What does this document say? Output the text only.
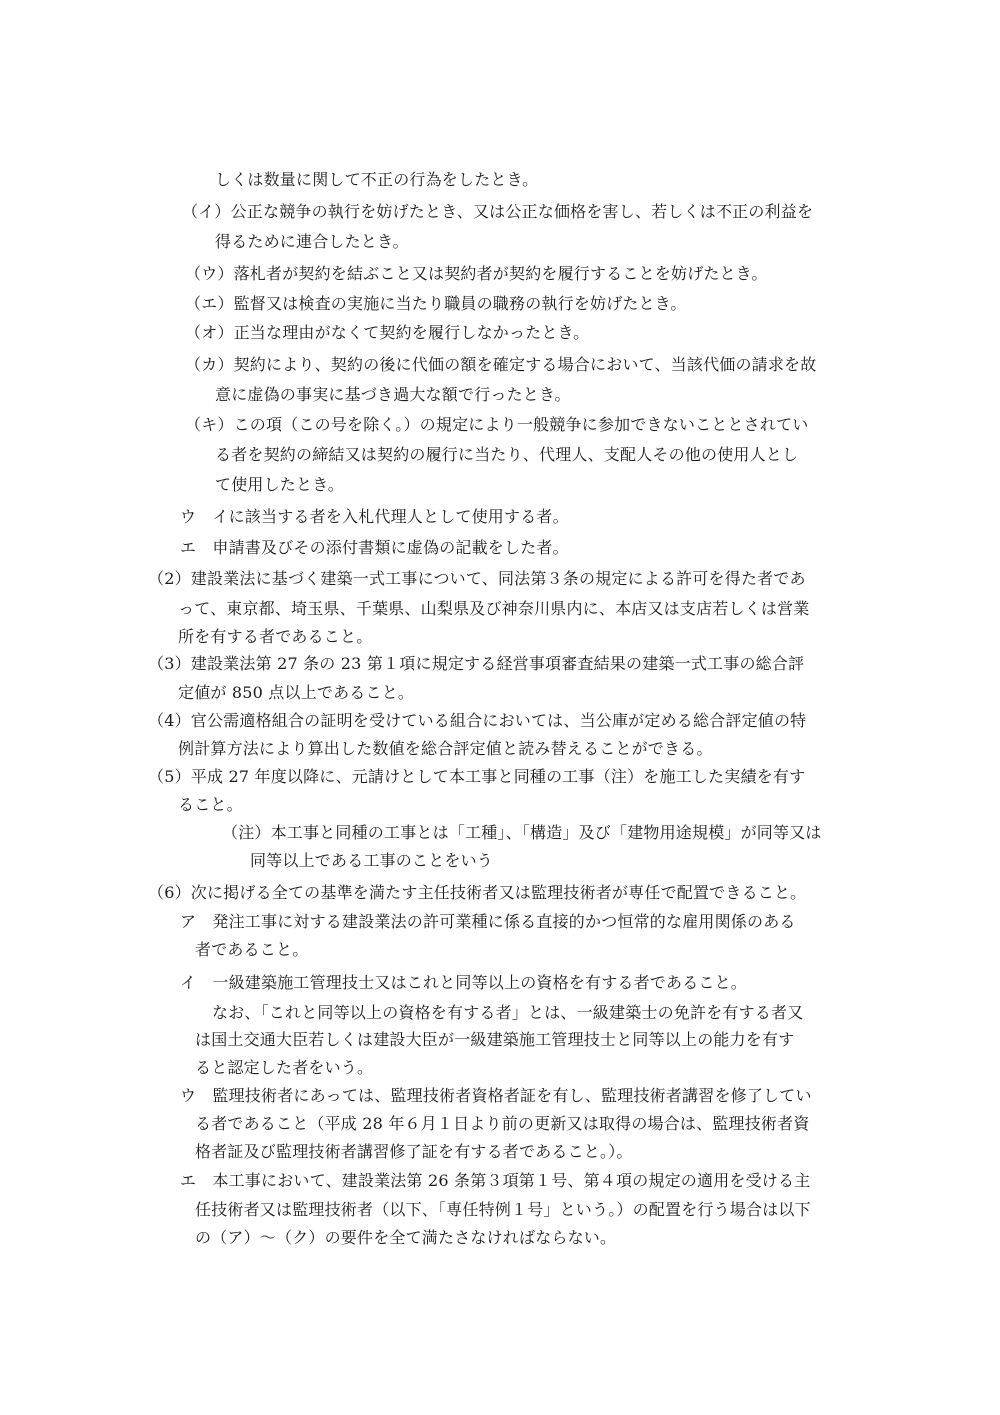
しくは数量に関して不正の行為をしたとき。
（イ）公正な競争の執行を妨げたとき、又は公正な価格を害し、若しくは不正の利益を
得るために連合したとき。
（ウ）落札者が契約を結ぶこと又は契約者が契約を履行することを妨げたとき。
（エ）監督又は検査の実施に当たり職員の職務の執行を妨げたとき。
（オ）正当な理由がなくて契約を履行しなかったとき。
（カ）契約により、契約の後に代価の額を確定する場合において、当該代価の請求を故
意に虚偽の事実に基づき過大な額で行ったとき。
（キ）この項（この号を除く。）の規定により一般競争に参加できないこととされてい
る者を契約の締結又は契約の履行に当たり、代理人、支配人その他の使用人とし
て使用したとき。
ウ　イに該当する者を入札代理人として使用する者。
エ　申請書及びその添付書類に虚偽の記載をした者。
（2）建設業法に基づく建築一式工事について、同法第３条の規定による許可を得た者であ
って、東京都、埼玉県、千葉県、山梨県及び神奈川県内に、本店又は支店若しくは営業
所を有する者であること。
（3）建設業法第 27 条の 23 第１項に規定する経営事項審査結果の建築一式工事の総合評
定値が 850 点以上であること。
（4）官公需適格組合の証明を受けている組合においては、当公庫が定める総合評定値の特
例計算方法により算出した数値を総合評定値と読み替えることができる。
（5）平成 27 年度以降に、元請けとして本工事と同種の工事（注）を施工した実績を有す
ること。
（注）本工事と同種の工事とは「工種」、「構造」及び「建物用途規模」が同等又は
同等以上である工事のことをいう
（6）次に掲げる全ての基準を満たす主任技術者又は監理技術者が専任で配置できること。
ア　発注工事に対する建設業法の許可業種に係る直接的かつ恒常的な雇用関係のある
者であること。
イ　一級建築施工管理技士又はこれと同等以上の資格を有する者であること。
なお、「これと同等以上の資格を有する者」とは、一級建築士の免許を有する者又
は国土交通大臣若しくは建設大臣が一級建築施工管理技士と同等以上の能力を有す
ると認定した者をいう。
ウ　監理技術者にあっては、監理技術者資格者証を有し、監理技術者講習を修了してい
る者であること（平成 28 年６月１日より前の更新又は取得の場合は、監理技術者資
格者証及び監理技術者講習修了証を有する者であること。）。
エ　本工事において、建設業法第 26 条第３項第１号、第４項の規定の適用を受ける主
任技術者又は監理技術者（以下、「専任特例１号」という。）の配置を行う場合は以下
の（ア）～（ク）の要件を全て満たさなければならない。
